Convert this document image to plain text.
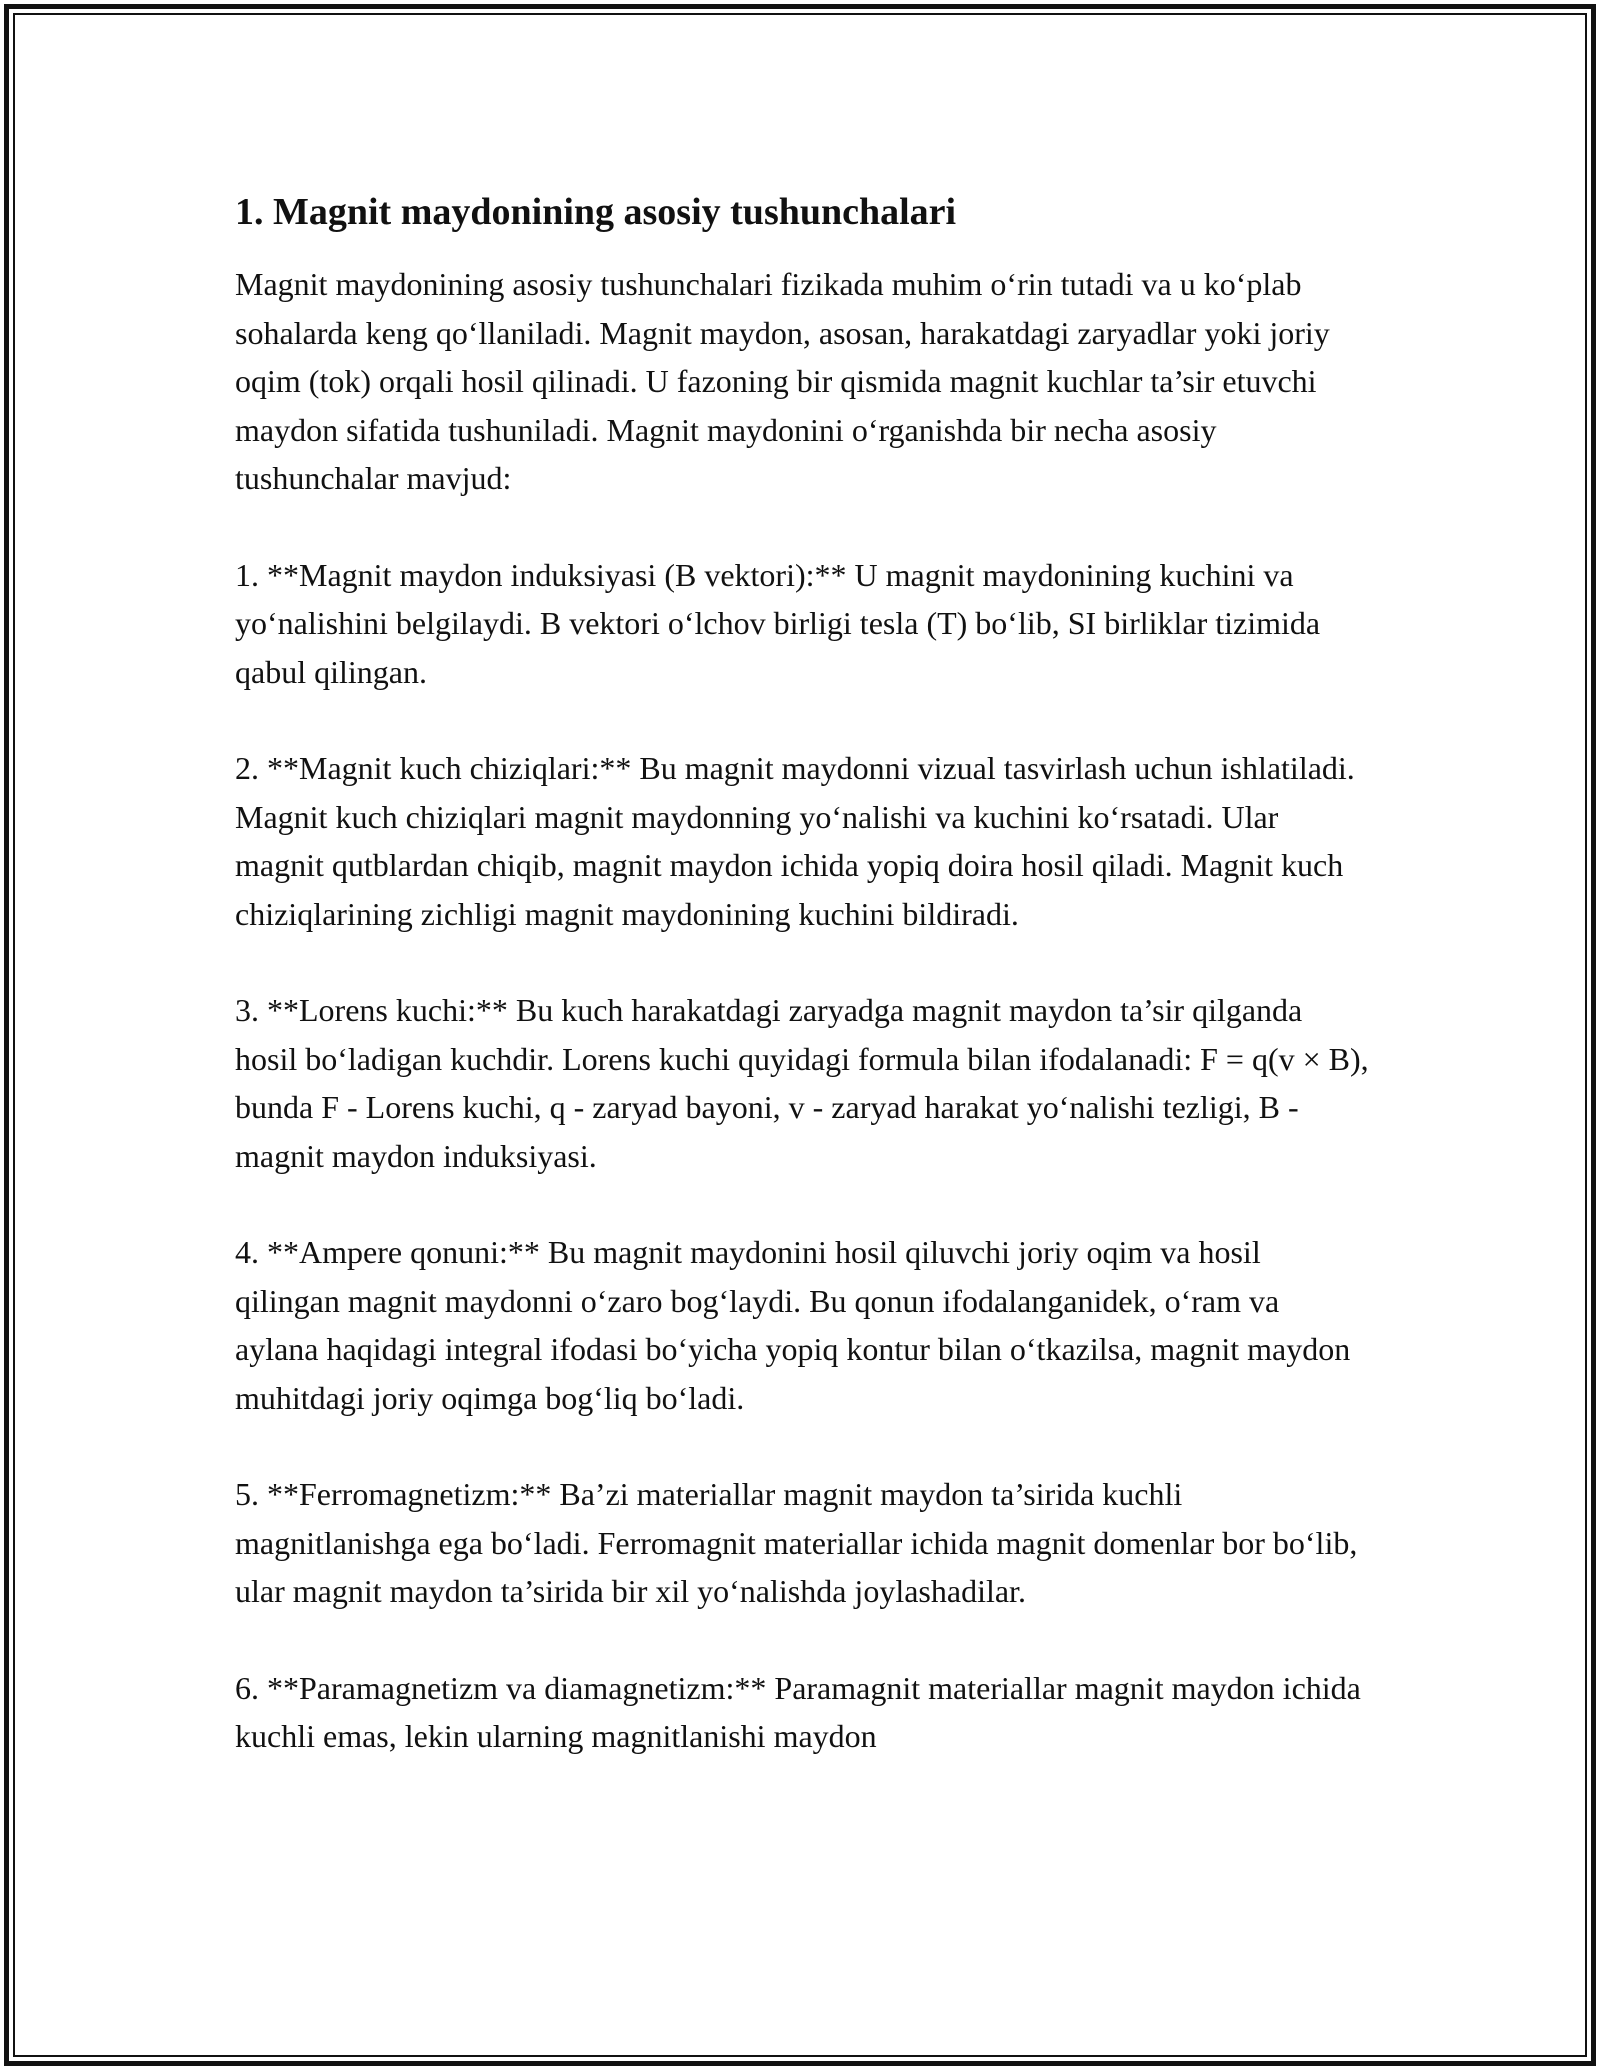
1. Magnit maydonining asosiy tushunchalari

Magnit maydonining asosiy tushunchalari fizikada muhim o‘rin tutadi va u ko‘plab sohalarda keng qo‘llaniladi. Magnit maydon, asosan, harakatdagi zaryadlar yoki joriy oqim (tok) orqali hosil qilinadi. U fazoning bir qismida magnit kuchlar ta’sir etuvchi maydon sifatida tushuniladi. Magnit maydonini o‘rganishda bir necha asosiy tushunchalar mavjud:

1. **Magnit maydon induksiyasi (B vektori):** U magnit maydonining kuchini va yo‘nalishini belgilaydi. B vektori o‘lchov birligi tesla (T) bo‘lib, SI birliklar tizimida qabul qilingan.

2. **Magnit kuch chiziqlari:** Bu magnit maydonni vizual tasvirlash uchun ishlatiladi. Magnit kuch chiziqlari magnit maydonning yo‘nalishi va kuchini ko‘rsatadi. Ular magnit qutblardan chiqib, magnit maydon ichida yopiq doira hosil qiladi. Magnit kuch chiziqlarining zichligi magnit maydonining kuchini bildiradi.

3. **Lorens kuchi:** Bu kuch harakatdagi zaryadga magnit maydon ta’sir qilganda hosil bo‘ladigan kuchdir. Lorens kuchi quyidagi formula bilan ifodalanadi: F = q(v × B), bunda F - Lorens kuchi, q - zaryad bayoni, v - zaryad harakat yo‘nalishi tezligi, B - magnit maydon induksiyasi.

4. **Ampere qonuni:** Bu magnit maydonini hosil qiluvchi joriy oqim va hosil qilingan magnit maydonni o‘zaro bog‘laydi. Bu qonun ifodalanganidek, o‘ram va aylana haqidagi integral ifodasi bo‘yicha yopiq kontur bilan o‘tkazilsa, magnit maydon muhitdagi joriy oqimga bog‘liq bo‘ladi.

5. **Ferromagnetizm:** Ba’zi materiallar magnit maydon ta’sirida kuchli magnitlanishga ega bo‘ladi. Ferromagnit materiallar ichida magnit domenlar bor bo‘lib, ular magnit maydon ta’sirida bir xil yo‘nalishda joylashadilar.

6. **Paramagnetizm va diamagnetizm:** Paramagnit materiallar magnit maydon ichida kuchli emas, lekin ularning magnitlanishi maydon
